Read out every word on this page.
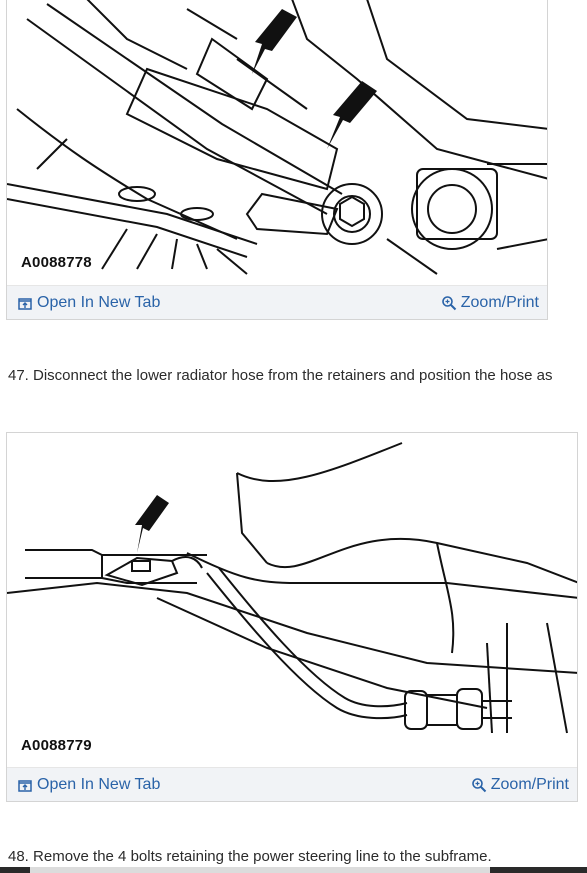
A0088778
Open In New Tab	Zoom/Print
47. Disconnect the lower radiator hose from the retainers and position the hose as
A0088779
Open In New Tab	Zoom/Print
48. Remove the 4 bolts retaining the power steering line to the subframe.
